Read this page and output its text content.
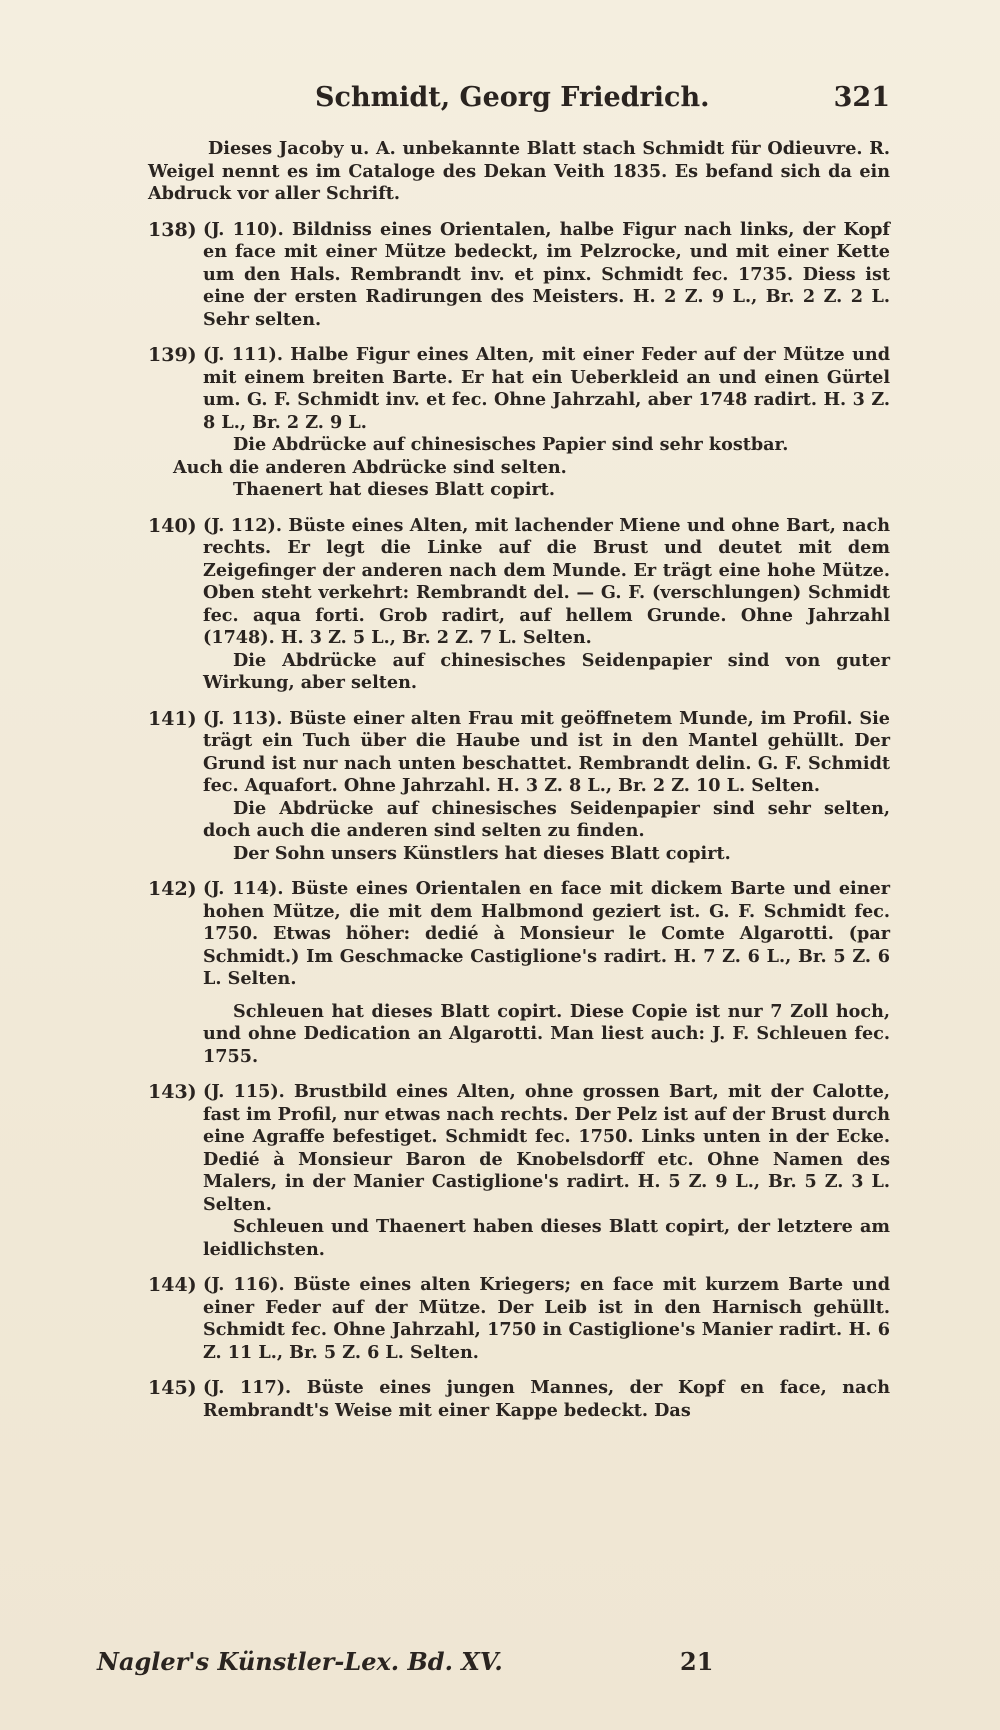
Schmidt, Georg Friedrich.	321

Dieses Jacoby u. A. unbekannte Blatt stach Schmidt für Odieuvre. R. Weigel nennt es im Cataloge des Dekan Veith 1835. Es befand sich da ein Abdruck vor aller Schrift.

138) (J. 110). Bildniss eines Orientalen, halbe Figur nach links, der Kopf en face mit einer Mütze bedeckt, im Pelzrocke, und mit einer Kette um den Hals. Rembrandt inv. et pinx. Schmidt fec. 1735. Diess ist eine der ersten Radirungen des Meisters. H. 2 Z. 9 L., Br. 2 Z. 2 L. Sehr selten.

139) (J. 111). Halbe Figur eines Alten, mit einer Feder auf der Mütze und mit einem breiten Barte. Er hat ein Ueberkleid an und einen Gürtel um. G. F. Schmidt inv. et fec. Ohne Jahrzahl, aber 1748 radirt. H. 3 Z. 8 L., Br. 2 Z. 9 L.

Die Abdrücke auf chinesisches Papier sind sehr kostbar.

Auch die anderen Abdrücke sind selten.

Thaenert hat dieses Blatt copirt.

140) (J. 112). Büste eines Alten, mit lachender Miene und ohne Bart, nach rechts. Er legt die Linke auf die Brust und deutet mit dem Zeigefinger der anderen nach dem Munde. Er trägt eine hohe Mütze. Oben steht verkehrt: Rembrandt del. — G. F. (verschlungen) Schmidt fec. aqua forti. Grob radirt, auf hellem Grunde. Ohne Jahrzahl (1748). H. 3 Z. 5 L., Br. 2 Z. 7 L. Selten.

Die Abdrücke auf chinesisches Seidenpapier sind von guter Wirkung, aber selten.

141) (J. 113). Büste einer alten Frau mit geöffnetem Munde, im Profil. Sie trägt ein Tuch über die Haube und ist in den Mantel gehüllt. Der Grund ist nur nach unten beschattet. Rembrandt delin. G. F. Schmidt fec. Aquafort. Ohne Jahrzahl. H. 3 Z. 8 L., Br. 2 Z. 10 L. Selten.

Die Abdrücke auf chinesisches Seidenpapier sind sehr selten, doch auch die anderen sind selten zu finden.

Der Sohn unsers Künstlers hat dieses Blatt copirt.

142) (J. 114). Büste eines Orientalen en face mit dickem Barte und einer hohen Mütze, die mit dem Halbmond geziert ist. G. F. Schmidt fec. 1750. Etwas höher: dedié à Monsieur le Comte Algarotti. (par Schmidt.) Im Geschmacke Castiglione's radirt. H. 7 Z. 6 L., Br. 5 Z. 6 L. Selten.

Schleuen hat dieses Blatt copirt. Diese Copie ist nur 7 Zoll hoch, und ohne Dedication an Algarotti. Man liest auch: J. F. Schleuen fec. 1755.

143) (J. 115). Brustbild eines Alten, ohne grossen Bart, mit der Calotte, fast im Profil, nur etwas nach rechts. Der Pelz ist auf der Brust durch eine Agraffe befestiget. Schmidt fec. 1750. Links unten in der Ecke. Dedié à Monsieur Baron de Knobelsdorff etc. Ohne Namen des Malers, in der Manier Castiglione's radirt. H. 5 Z. 9 L., Br. 5 Z. 3 L. Selten.

Schleuen und Thaenert haben dieses Blatt copirt, der letztere am leidlichsten.

144) (J. 116). Büste eines alten Kriegers; en face mit kurzem Barte und einer Feder auf der Mütze. Der Leib ist in den Harnisch gehüllt. Schmidt fec. Ohne Jahrzahl, 1750 in Castiglione's Manier radirt. H. 6 Z. 11 L., Br. 5 Z. 6 L. Selten.

145) (J. 117). Büste eines jungen Mannes, der Kopf en face, nach Rembrandt's Weise mit einer Kappe bedeckt. Das

Nagler's Künstler-Lex. Bd. XV.	21
